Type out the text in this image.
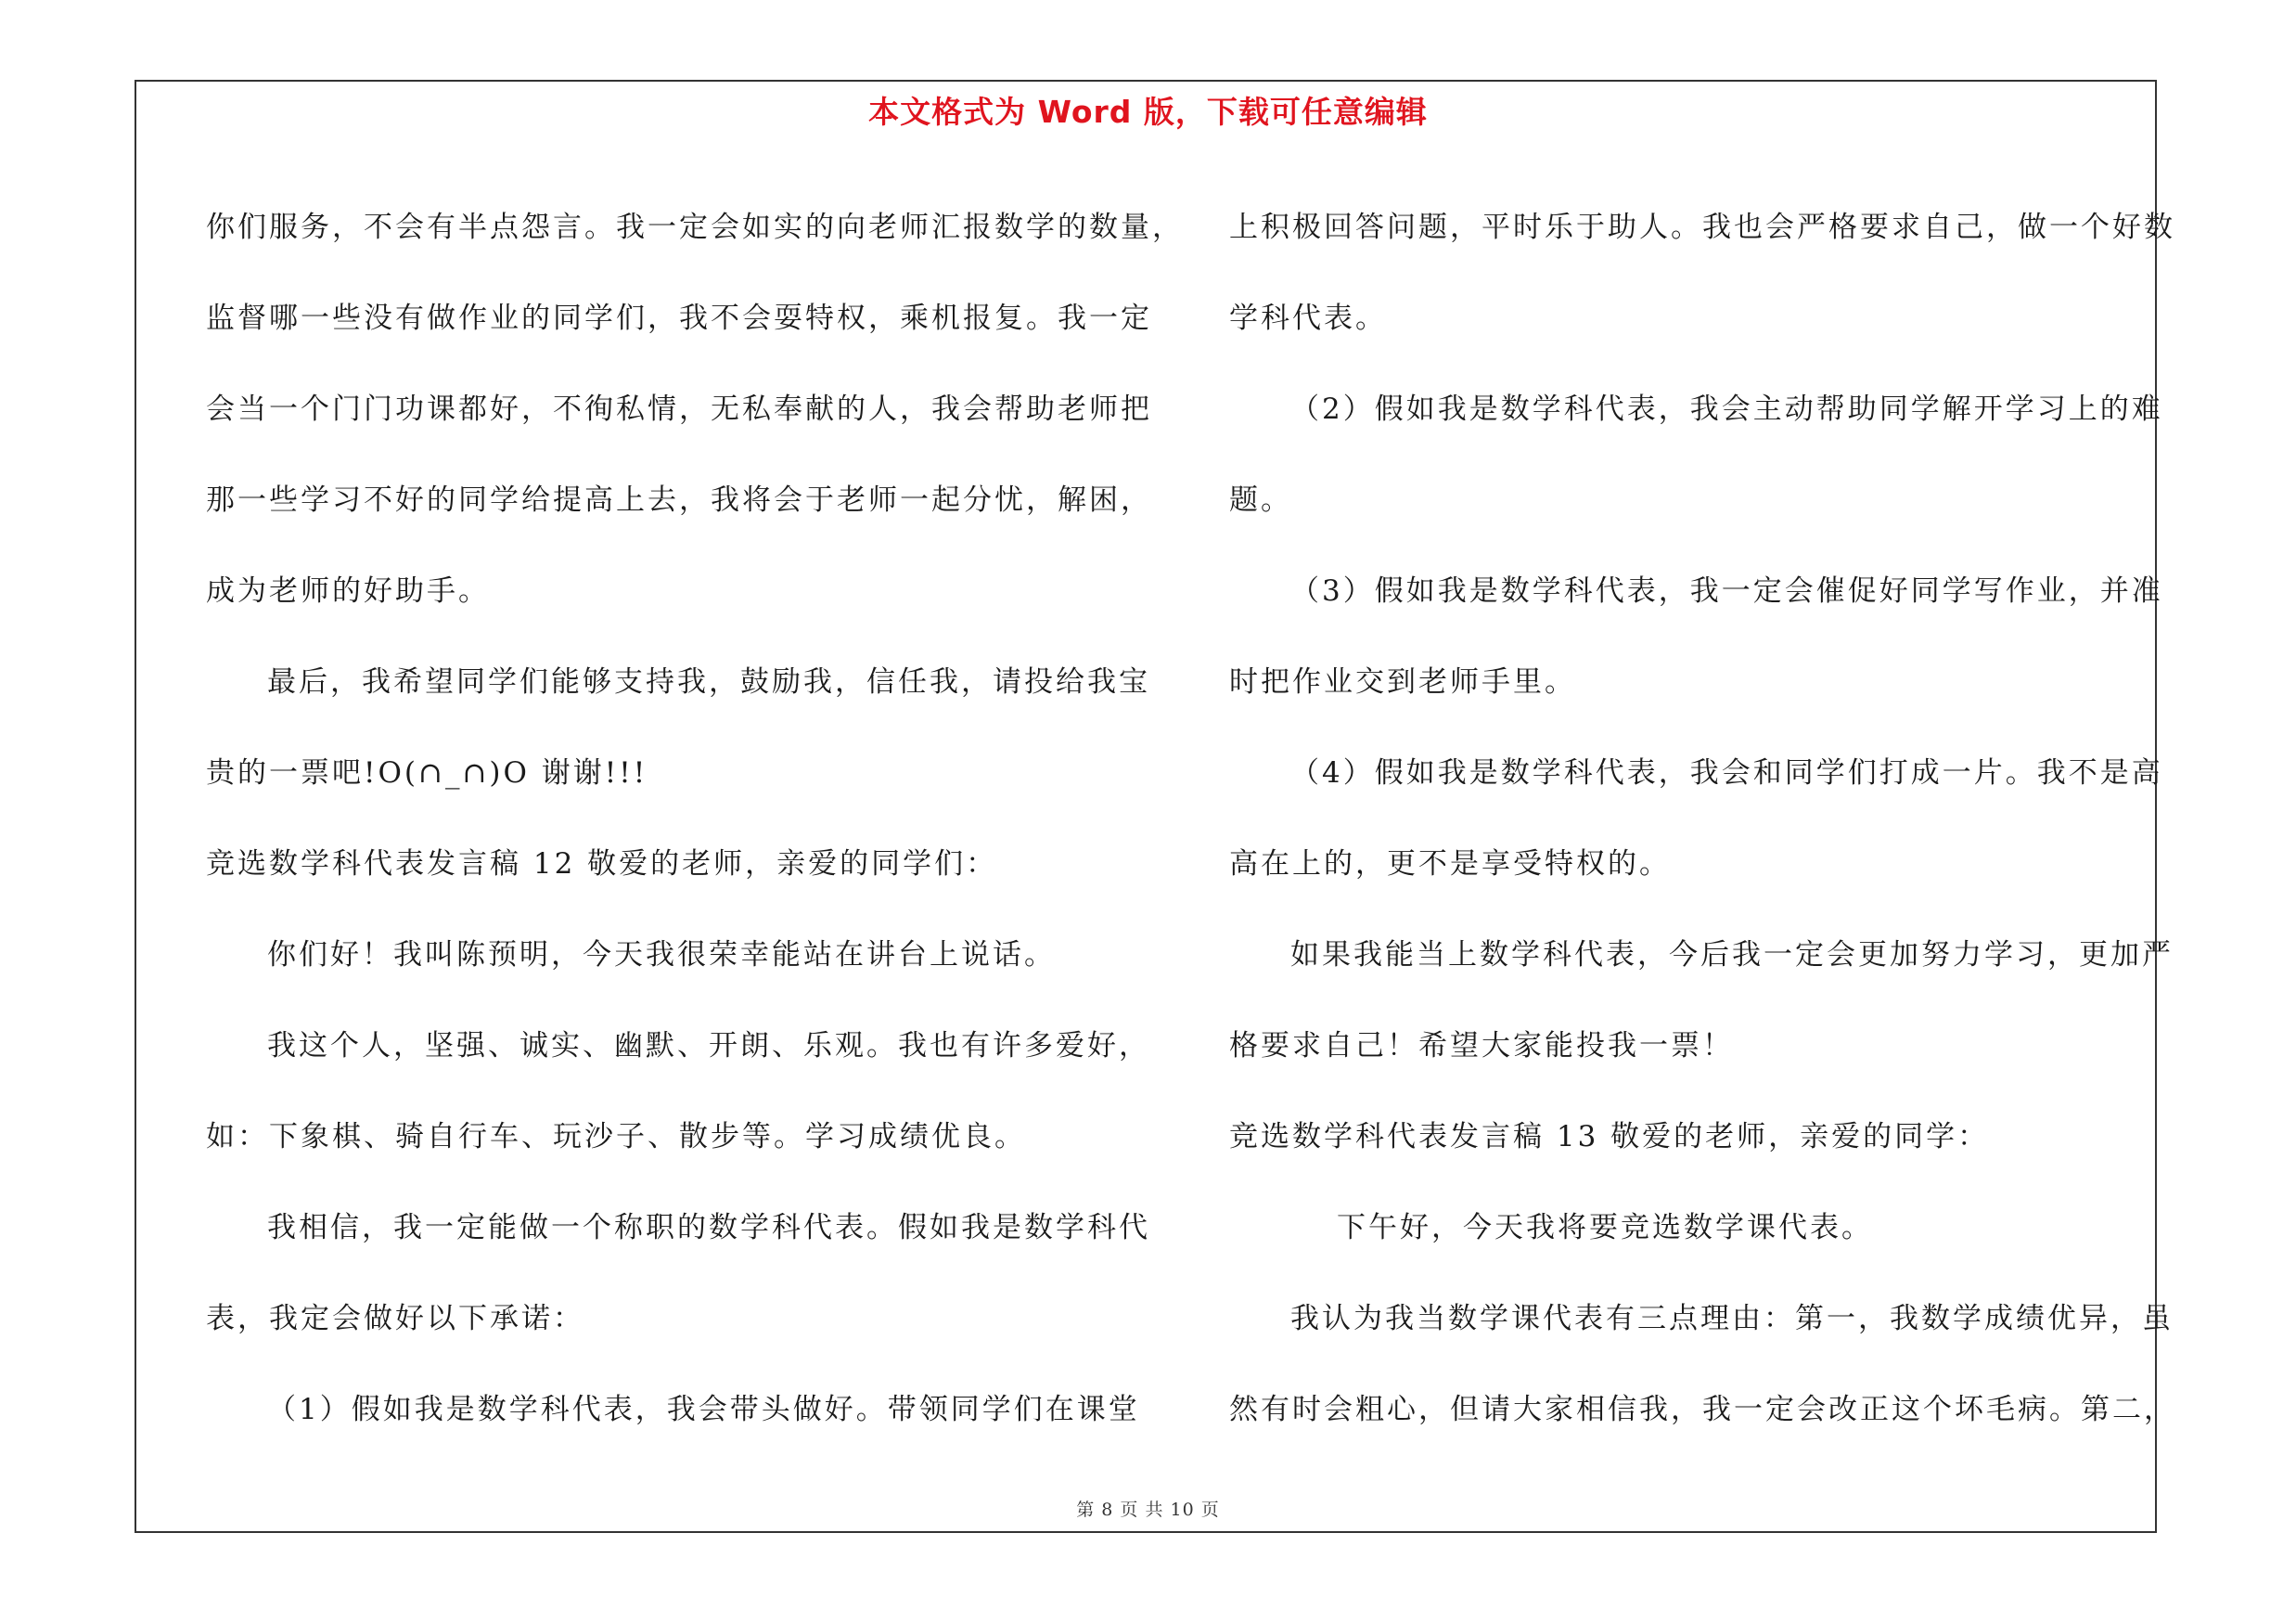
本文格式为 Word 版，下载可任意编辑
你们服务，不会有半点怨言。我一定会如实的向老师汇报数学的数量，
监督哪一些没有做作业的同学们，我不会耍特权，乘机报复。我一定
会当一个门门功课都好，不徇私情，无私奉献的人，我会帮助老师把
那一些学习不好的同学给提高上去，我将会于老师一起分忧，解困，
成为老师的好助手。
最后，我希望同学们能够支持我，鼓励我，信任我，请投给我宝
贵的一票吧!O(∩_∩)O 谢谢!!!
竞选数学科代表发言稿 12 敬爱的老师，亲爱的同学们：
你们好！我叫陈预明，今天我很荣幸能站在讲台上说话。
我这个人，坚强、诚实、幽默、开朗、乐观。我也有许多爱好，
如：下象棋、骑自行车、玩沙子、散步等。学习成绩优良。
我相信，我一定能做一个称职的数学科代表。假如我是数学科代
表，我定会做好以下承诺：
（1）假如我是数学科代表，我会带头做好。带领同学们在课堂
上积极回答问题，平时乐于助人。我也会严格要求自己，做一个好数
学科代表。
（2）假如我是数学科代表，我会主动帮助同学解开学习上的难
题。
（3）假如我是数学科代表，我一定会催促好同学写作业，并准
时把作业交到老师手里。
（4）假如我是数学科代表，我会和同学们打成一片。我不是高
高在上的，更不是享受特权的。
如果我能当上数学科代表，今后我一定会更加努力学习，更加严
格要求自己！希望大家能投我一票！
竞选数学科代表发言稿 13 敬爱的老师，亲爱的同学：
下午好，今天我将要竞选数学课代表。
我认为我当数学课代表有三点理由：第一，我数学成绩优异，虽
然有时会粗心，但请大家相信我，我一定会改正这个坏毛病。第二，
第 8 页 共 10 页
